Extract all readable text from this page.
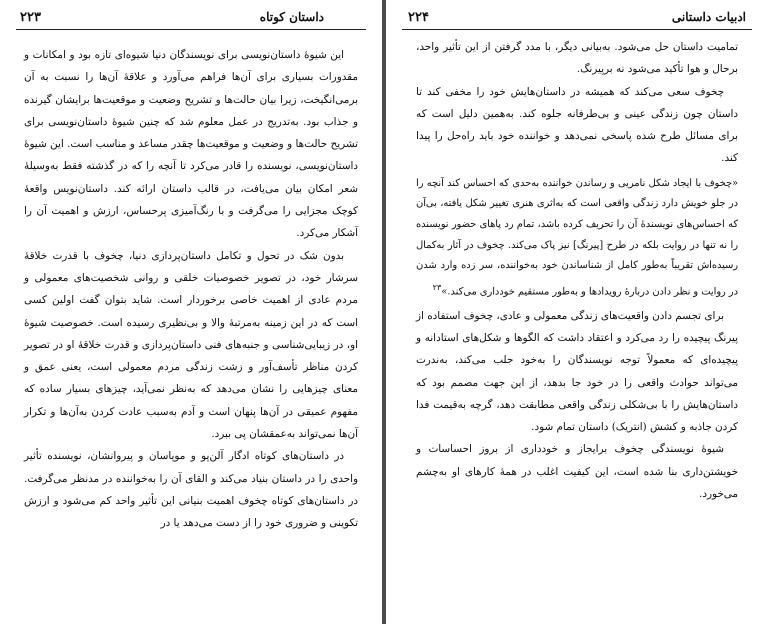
داستان کوتاه
۲۲۳

این شیوهٔ داستان‌نویسی برای نویسندگان دنیا شیوه‌ای تازه بود و امکانات و مقدورات بسیاری برای آن‌ها فراهم می‌آورد و علاقهٔ آن‌ها را نسبت به آن برمی‌انگیخت، زیرا بیان حالت‌ها و تشریح وضعیت و موقعیت‌ها برایشان گیرنده و جذاب بود. به‌تدریج در عمل معلوم شد که چنین شیوهٔ داستان‌نویسی برای تشریح حالت‌ها و وضعیت و موقعیت‌ها چقدر مساعد و مناسب است. این شیوهٔ داستان‌نویسی، نویسنده را قادر می‌کرد تا آنچه را که در گذشته فقط به‌وسیلهٔ شعر امکان بیان می‌یافت، در قالب داستان ارائه کند. داستان‌نویس واقعهٔ کوچک مجزایی را می‌گرفت و با رنگ‌آمیزی پرحساس، ارزش و اهمیت آن را آشکار می‌کرد.

بدون شک در تحول و تکامل داستان‌پردازی دنیا، چخوف با قدرت خلاقهٔ سرشار خود، در تصویر خصوصیات خلقی و روانی شخصیت‌های معمولی و مردم عادی از اهمیت خاصی برخوردار است. شاید بتوان گفت اولین کسی است که در این زمینه به‌مرتبهٔ والا و بی‌نظیری رسیده است. خصوصیت شیوهٔ او، در زیبایی‌شناسی و جنبه‌های فنی داستان‌پردازی و قدرت خلاقهٔ او در تصویر کردن مناظر تأسف‌آور و زشت زندگی مردم معمولی است، یعنی عمق و معنای چیزهایی را نشان می‌دهد که به‌نظر نمی‌آید، چیزهای بسیار ساده که مفهوم عمیقی در آن‌ها پنهان است و آدم به‌سبب عادت کردن به‌آن‌ها و تکرار آن‌ها نمی‌تواند به‌عمقشان پی ببرد.

در داستان‌های کوتاه ادگار آلن‌پو و موپاسان و پیروانشان، نویسنده تأثیر واحدی را در داستان بنیاد می‌کند و القای آن را به‌خواننده در مدنظر می‌گرفت. در داستان‌های کوتاه چخوف اهمیت بنیانی این تأثیر واحد کم می‌شود و ارزش تکوینی و ضروری خود را از دست می‌دهد یا در

ادبیات داستانی
۲۲۴

تمامیت داستان حل می‌شود. به‌بیانی دیگر، با مدد گرفتن از این تأثیر واحد، برحال و هوا تأکید می‌شود نه برپیرنگ.

چخوف سعی می‌کند که همیشه در داستان‌هایش خود را مخفی کند تا داستان چون زندگی عینی و بی‌طرفانه جلوه کند. به‌همین دلیل است که برای مسائل طرح شده پاسخی نمی‌دهد و خواننده خود باید راه‌حل را پیدا کند.

«چخوف با ایجاد شکل نامریی و رساندن خواننده به‌حدی که احساس کند آنچه را در جلو خویش دارد زندگی واقعی است که به‌اثری هنری تغییر شکل یافته، بی‌آن که احساس‌های نویسندهٔ آن را تحریف کرده باشد، تمام رد پاهای حضور نویسنده را نه تنها در روایت بلکه در طرح [پیرنگ] نیز پاک می‌کند. چخوف در آثار به‌کمال رسیده‌اش تقریباً به‌طور کامل از شناساندن خود به‌خواننده، سر زده وارد شدن در روایت و نظر دادن دربارهٔ رویدادها و به‌طور مستقیم خودداری می‌کند.»$^{۲۳}$

برای تجسم دادن واقعیت‌های زندگی معمولی و عادی، چخوف استفاده از پیرنگ پیچیده را رد می‌کرد و اعتقاد داشت که الگوها و شکل‌های استادانه و پیچیده‌ای که معمولاً توجه نویسندگان را به‌خود جلب می‌کند، به‌ندرت می‌تواند حوادث واقعی را در خود جا بدهد، از این جهت مصمم بود که داستان‌هایش را با بی‌شکلی زندگی واقعی مطابقت دهد، گرچه به‌قیمت فدا کردن جاذبه و کشش (انتریک) داستان تمام شود.

شیوهٔ نویسندگی چخوف برایجاز و خودداری از بروز احساسات و خویشتن‌داری بنا شده است، این کیفیت اغلب در همهٔ کارهای او به‌چشم می‌خورد.
